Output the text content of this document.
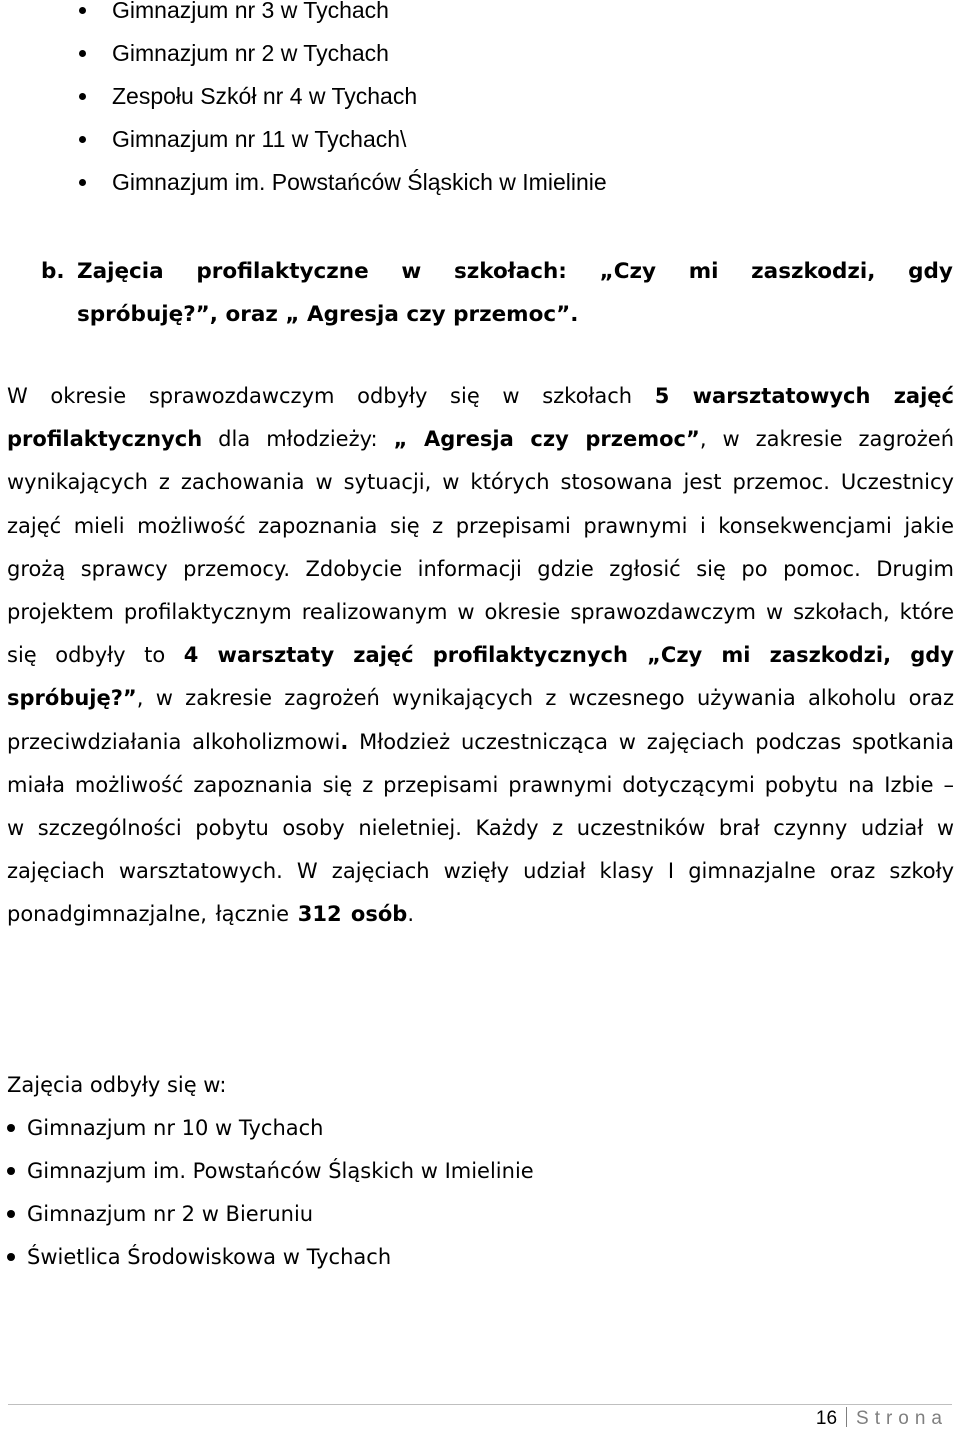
Gimnazjum nr 3 w Tychach
Gimnazjum nr 2 w Tychach
Zespołu Szkół nr 4 w Tychach
Gimnazjum nr 11 w Tychach\
Gimnazjum im. Powstańców Śląskich w Imielinie
b. Zajęcia profilaktyczne w szkołach: „Czy mi zaszkodzi, gdy
spróbuję?”, oraz „ Agresja czy przemoc”.
W okresie sprawozdawczym odbyły się w szkołach 5 warsztatowych zajęć profilaktycznych dla młodzieży: „ Agresja czy przemoc”, w zakresie zagrożeń wynikających z zachowania w sytuacji, w których stosowana jest przemoc. Uczestnicy zajęć mieli możliwość zapoznania się z przepisami prawnymi i konsekwencjami jakie grożą sprawcy przemocy. Zdobycie informacji gdzie zgłosić się po pomoc. Drugim projektem profilaktycznym realizowanym w okresie sprawozdawczym w szkołach, które się odbyły to 4 warsztaty zajęć profilaktycznych „Czy mi zaszkodzi, gdy spróbuję?”, w zakresie zagrożeń wynikających z wczesnego używania alkoholu oraz przeciwdziałania alkoholizmowi. Młodzież uczestnicząca w zajęciach podczas spotkania miała możliwość zapoznania się z przepisami prawnymi dotyczącymi pobytu na Izbie – w szczególności pobytu osoby nieletniej. Każdy z uczestników brał czynny udział w zajęciach warsztatowych. W zajęciach wzięły udział klasy I gimnazjalne oraz szkoły ponadgimnazjalne, łącznie 312 osób.
Zajęcia odbyły się w:
Gimnazjum nr 10 w Tychach
Gimnazjum im. Powstańców Śląskich w Imielinie
Gimnazjum nr 2 w Bieruniu
Świetlica Środowiskowa w Tychach
16 Strona
